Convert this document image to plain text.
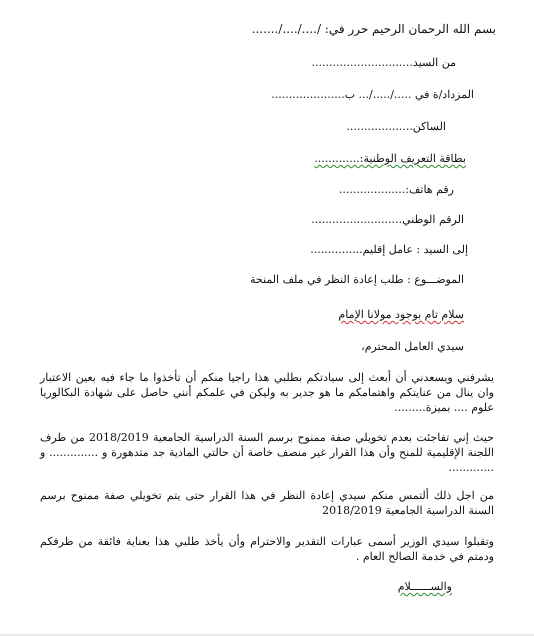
بسم الله الرحمان الرحيم حرر في: /..../..../.......
من السيد.............................
المزداد/ة في ...../...../... ب.....................
الساكن...................
بطاقة التعريف الوطنية:.............
رقم هاتف:...................
الرقم الوطني..........................
إلى السيد : عامل إقليم...............
الموضـــوع : طلب إعادة النظر في ملف المنحة
سلام تام بوجود مولانا الإمام
سيدي العامل المحترم،
يشرفني ويسعدني أن أبعث إلى سيادتكم بطلبي هذا راجيا منكم أن تأخذوا ما جاء فيه بعين الاعتبار وان ينال من عنايتكم واهتمامكم ما هو جدير به وليكن في علمكم أنني حاصل على شهادة البكالوريا علوم .... بميزة.........
حيث إني تفاجئت بعدم تخويلي صفة ممنوح برسم السنة الدراسية الجامعية 2018/2019 من طرف اللجنة الإقليمية للمنح وأن هذا القرار غير منصف خاصة أن حالتي المادية جد متدهورة و .............. و .............
من اجل ذلك ألتمس منكم سيدي إعادة النظر في هذا القرار حتى يتم تخويلي صفة ممنوح برسم السنة الدراسية الجامعية 2018/2019
وتقبلوا سيدي الوزير أسمى عبارات التقدير والاحترام وأن يأخذ طلبي هذا بعناية فائقة من طرفكم ودمتم في خدمة الصالح العام .
والســــــلام
